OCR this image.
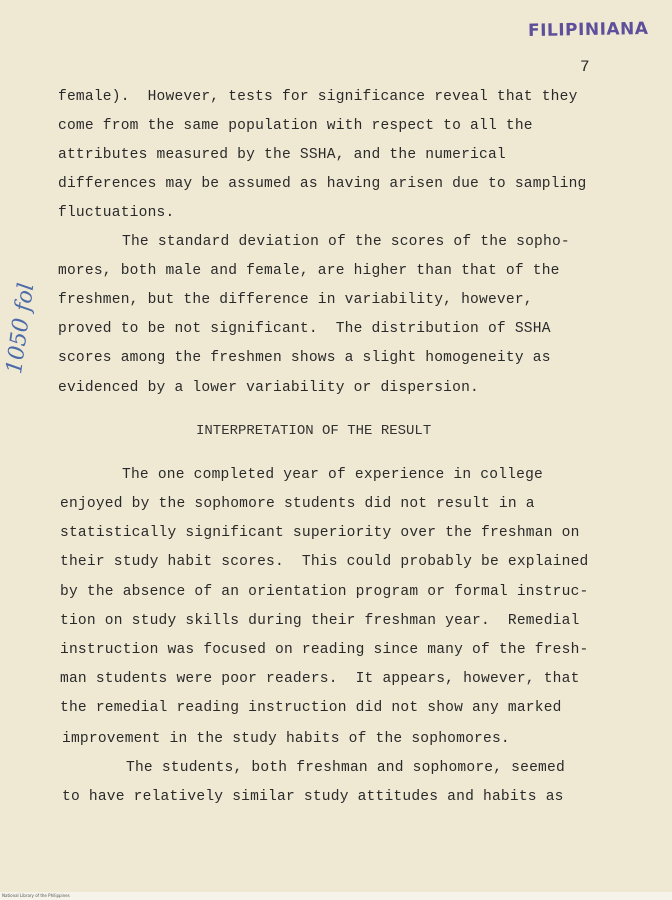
FILIPINIANA
7
1050 fol
female).  However, tests for significance reveal that they
come from the same population with respect to all the
attributes measured by the SSHA, and the numerical
differences may be assumed as having arisen due to sampling
fluctuations.
The standard deviation of the scores of the sopho-
mores, both male and female, are higher than that of the
freshmen, but the difference in variability, however,
proved to be not significant.  The distribution of SSHA
scores among the freshmen shows a slight homogeneity as
evidenced by a lower variability or dispersion.
INTERPRETATION OF THE RESULT
The one completed year of experience in college
enjoyed by the sophomore students did not result in a
statistically significant superiority over the freshman on
their study habit scores.  This could probably be explained
by the absence of an orientation program or formal instruc-
tion on study skills during their freshman year.  Remedial
instruction was focused on reading since many of the fresh-
man students were poor readers.  It appears, however, that
the remedial reading instruction did not show any marked
improvement in the study habits of the sophomores.
The students, both freshman and sophomore, seemed
to have relatively similar study attitudes and habits as
National Library of the Philippines
